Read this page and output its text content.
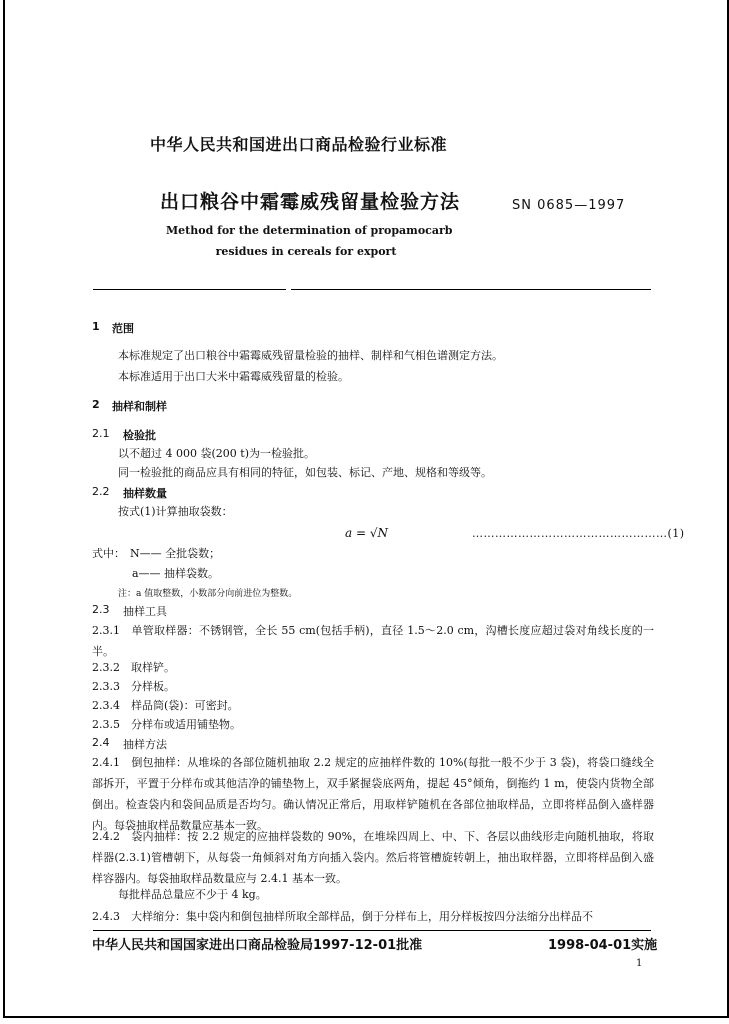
中华人民共和国进出口商品检验行业标准
出口粮谷中霜霉威残留量检验方法	SN 0685—1997
Method for the determination of propamocarb
residues in cereals for export
1 范围
本标准规定了出口粮谷中霜霉威残留量检验的抽样、制样和气相色谱测定方法。
本标准适用于出口大米中霜霉威残留量的检验。
2 抽样和制样
2.1 检验批
以不超过 4 000 袋(200 t)为一检验批。
同一检验批的商品应具有相同的特征，如包装、标记、产地、规格和等级等。
2.2 抽样数量
按式(1)计算抽取袋数：
a = √N	……………………………………………(1)
式中： N—— 全批袋数；
a—— 抽样袋数。
注：a 值取整数，小数部分向前进位为整数。
2.3 抽样工具
2.3.1　单管取样器：不锈钢管，全长 55 cm(包括手柄)，直径 1.5～2.0 cm，沟槽长度应超过袋对角线长度的一半。
2.3.2　取样铲。
2.3.3　分样板。
2.3.4　样品筒(袋)：可密封。
2.3.5　分样布或适用铺垫物。
2.4 抽样方法
2.4.1　倒包抽样：从堆垛的各部位随机抽取 2.2 规定的应抽样件数的 10%(每批一般不少于 3 袋)，将袋口缝线全部拆开，平置于分样布或其他洁净的铺垫物上，双手紧握袋底两角，提起 45°倾角，倒拖约 1 m，使袋内货物全部倒出。检查袋内和袋间品质是否均匀。确认情况正常后，用取样铲随机在各部位抽取样品，立即将样品倒入盛样器内。每袋抽取样品数量应基本一致。
2.4.2　袋内抽样：按 2.2 规定的应抽样袋数的 90%，在堆垛四周上、中、下、各层以曲线形走向随机抽取，将取样器(2.3.1)管槽朝下，从每袋一角倾斜对角方向插入袋内。然后将管槽旋转朝上，抽出取样器，立即将样品倒入盛样容器内。每袋抽取样品数量应与 2.4.1 基本一致。
每批样品总量应不少于 4 kg。
2.4.3　大样缩分：集中袋内和倒包抽样所取全部样品，倒于分样布上，用分样板按四分法缩分出样品不
中华人民共和国国家进出口商品检验局1997-12-01批准	1998-04-01实施
1
